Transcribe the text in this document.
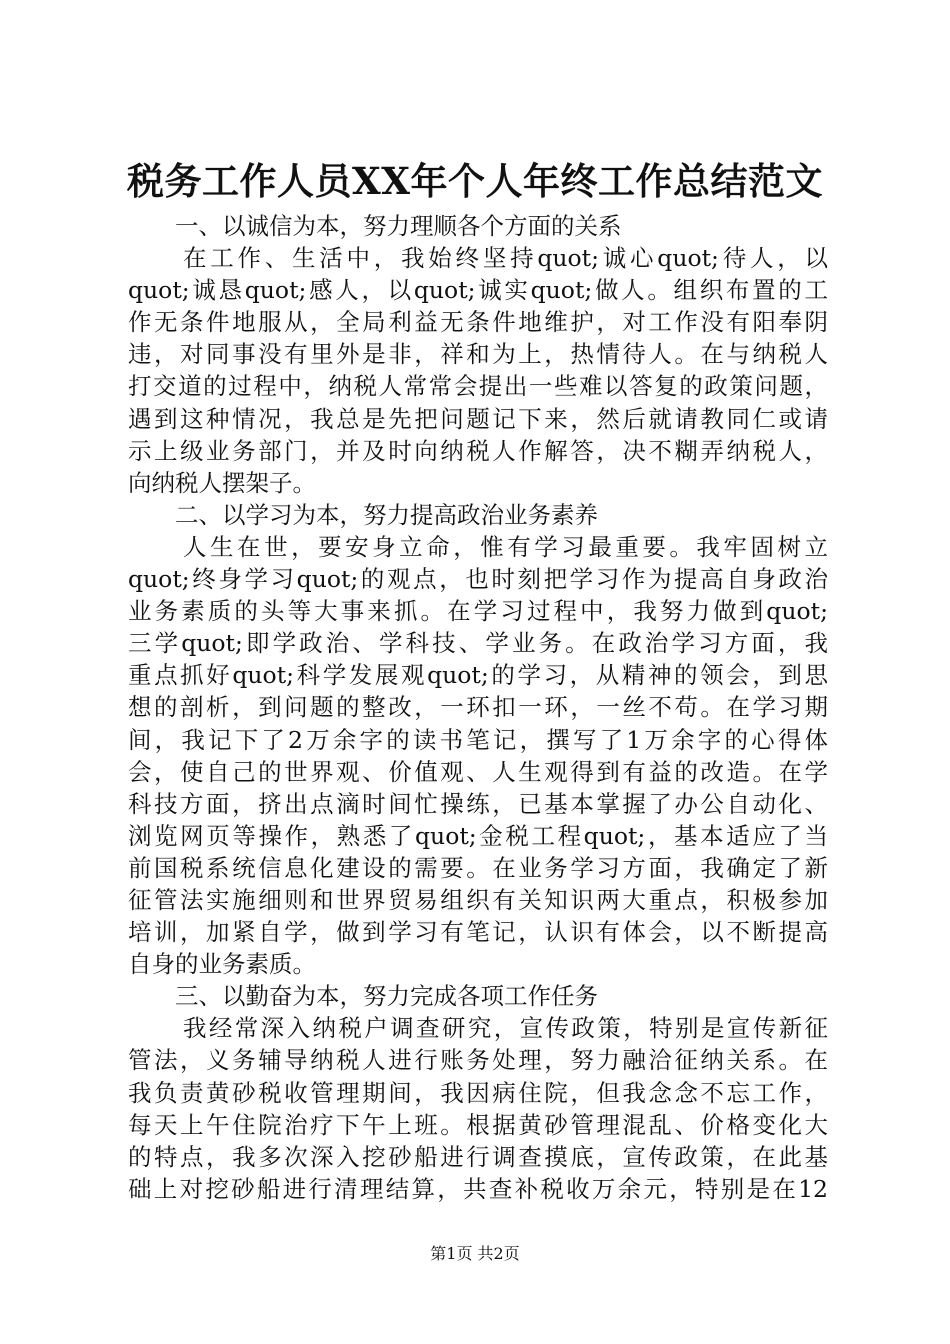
税务工作人员XX年个人年终工作总结范文
一、以诚信为本，努力理顺各个方面的关系
在工作、生活中，我始终坚持quot;诚心quot;待人，以
quot;诚恳quot;感人，以quot;诚实quot;做人。组织布置的工
作无条件地服从，全局利益无条件地维护，对工作没有阳奉阴
违，对同事没有里外是非，祥和为上，热情待人。在与纳税人
打交道的过程中，纳税人常常会提出一些难以答复的政策问题，
遇到这种情况，我总是先把问题记下来，然后就请教同仁或请
示上级业务部门，并及时向纳税人作解答，决不糊弄纳税人，
向纳税人摆架子。
二、以学习为本，努力提高政治业务素养
人生在世，要安身立命，惟有学习最重要。我牢固树立
quot;终身学习quot;的观点，也时刻把学习作为提高自身政治
业务素质的头等大事来抓。在学习过程中，我努力做到quot;
三学quot;即学政治、学科技、学业务。在政治学习方面，我
重点抓好quot;科学发展观quot;的学习，从精神的领会，到思
想的剖析，到问题的整改，一环扣一环，一丝不苟。在学习期
间，我记下了2万余字的读书笔记，撰写了1万余字的心得体
会，使自己的世界观、价值观、人生观得到有益的改造。在学
科技方面，挤出点滴时间忙操练，已基本掌握了办公自动化、
浏览网页等操作，熟悉了quot;金税工程quot;，基本适应了当
前国税系统信息化建设的需要。在业务学习方面，我确定了新
征管法实施细则和世界贸易组织有关知识两大重点，积极参加
培训，加紧自学，做到学习有笔记，认识有体会，以不断提高
自身的业务素质。
三、以勤奋为本，努力完成各项工作任务
我经常深入纳税户调查研究，宣传政策，特别是宣传新征
管法，义务辅导纳税人进行账务处理，努力融洽征纳关系。在
我负责黄砂税收管理期间，我因病住院，但我念念不忘工作，
每天上午住院治疗下午上班。根据黄砂管理混乱、价格变化大
的特点，我多次深入挖砂船进行调查摸底，宣传政策，在此基
础上对挖砂船进行清理结算，共查补税收万余元，特别是在12
第1页 共2页
